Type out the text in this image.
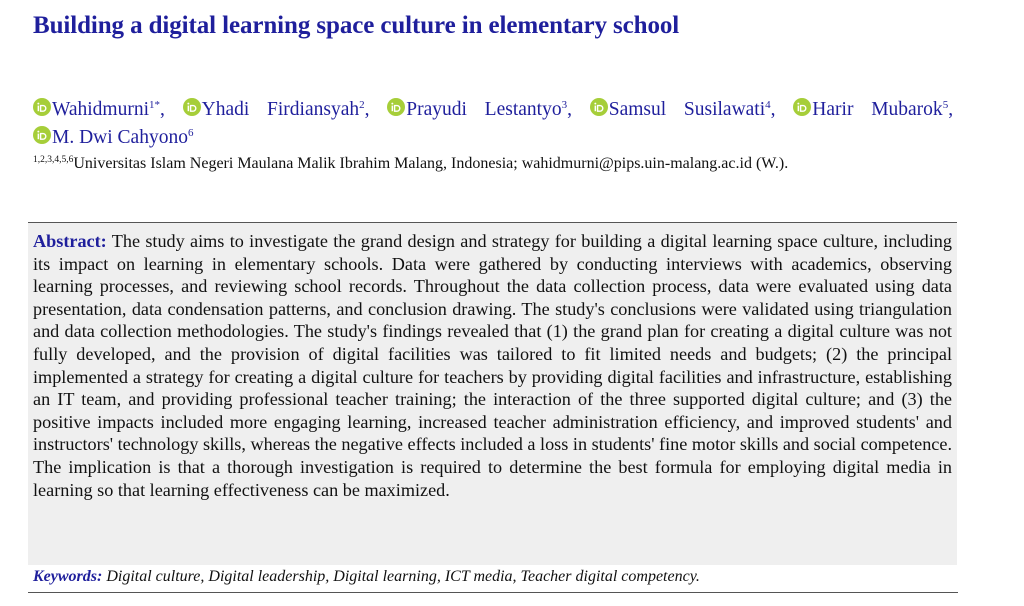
Building a digital learning space culture in elementary school
Wahidmurni$^{1*}$, Yhadi Firdiansyah$^2$, Prayudi Lestantyo$^3$, Samsul Susilawati$^4$, Harir Mubarok$^5$, M. Dwi Cahyono$^6$
$^{1,2,3,4,5,6}$Universitas Islam Negeri Maulana Malik Ibrahim Malang, Indonesia; wahidmurni@pips.uin-malang.ac.id (W.).

Abstract: The study aims to investigate the grand design and strategy for building a digital learning space culture, including its impact on learning in elementary schools. Data were gathered by conducting interviews with academics, observing learning processes, and reviewing school records. Throughout the data collection process, data were evaluated using data presentation, data condensation patterns, and conclusion drawing. The study's conclusions were validated using triangulation and data collection methodologies. The study's findings revealed that (1) the grand plan for creating a digital culture was not fully developed, and the provision of digital facilities was tailored to fit limited needs and budgets; (2) the principal implemented a strategy for creating a digital culture for teachers by providing digital facilities and infrastructure, establishing an IT team, and providing professional teacher training; the interaction of the three supported digital culture; and (3) the positive impacts included more engaging learning, increased teacher administration efficiency, and improved students' and instructors' technology skills, whereas the negative effects included a loss in students' fine motor skills and social competence. The implication is that a thorough investigation is required to determine the best formula for employing digital media in learning so that learning effectiveness can be maximized.

Keywords: Digital culture, Digital leadership, Digital learning, ICT media, Teacher digital competency.
